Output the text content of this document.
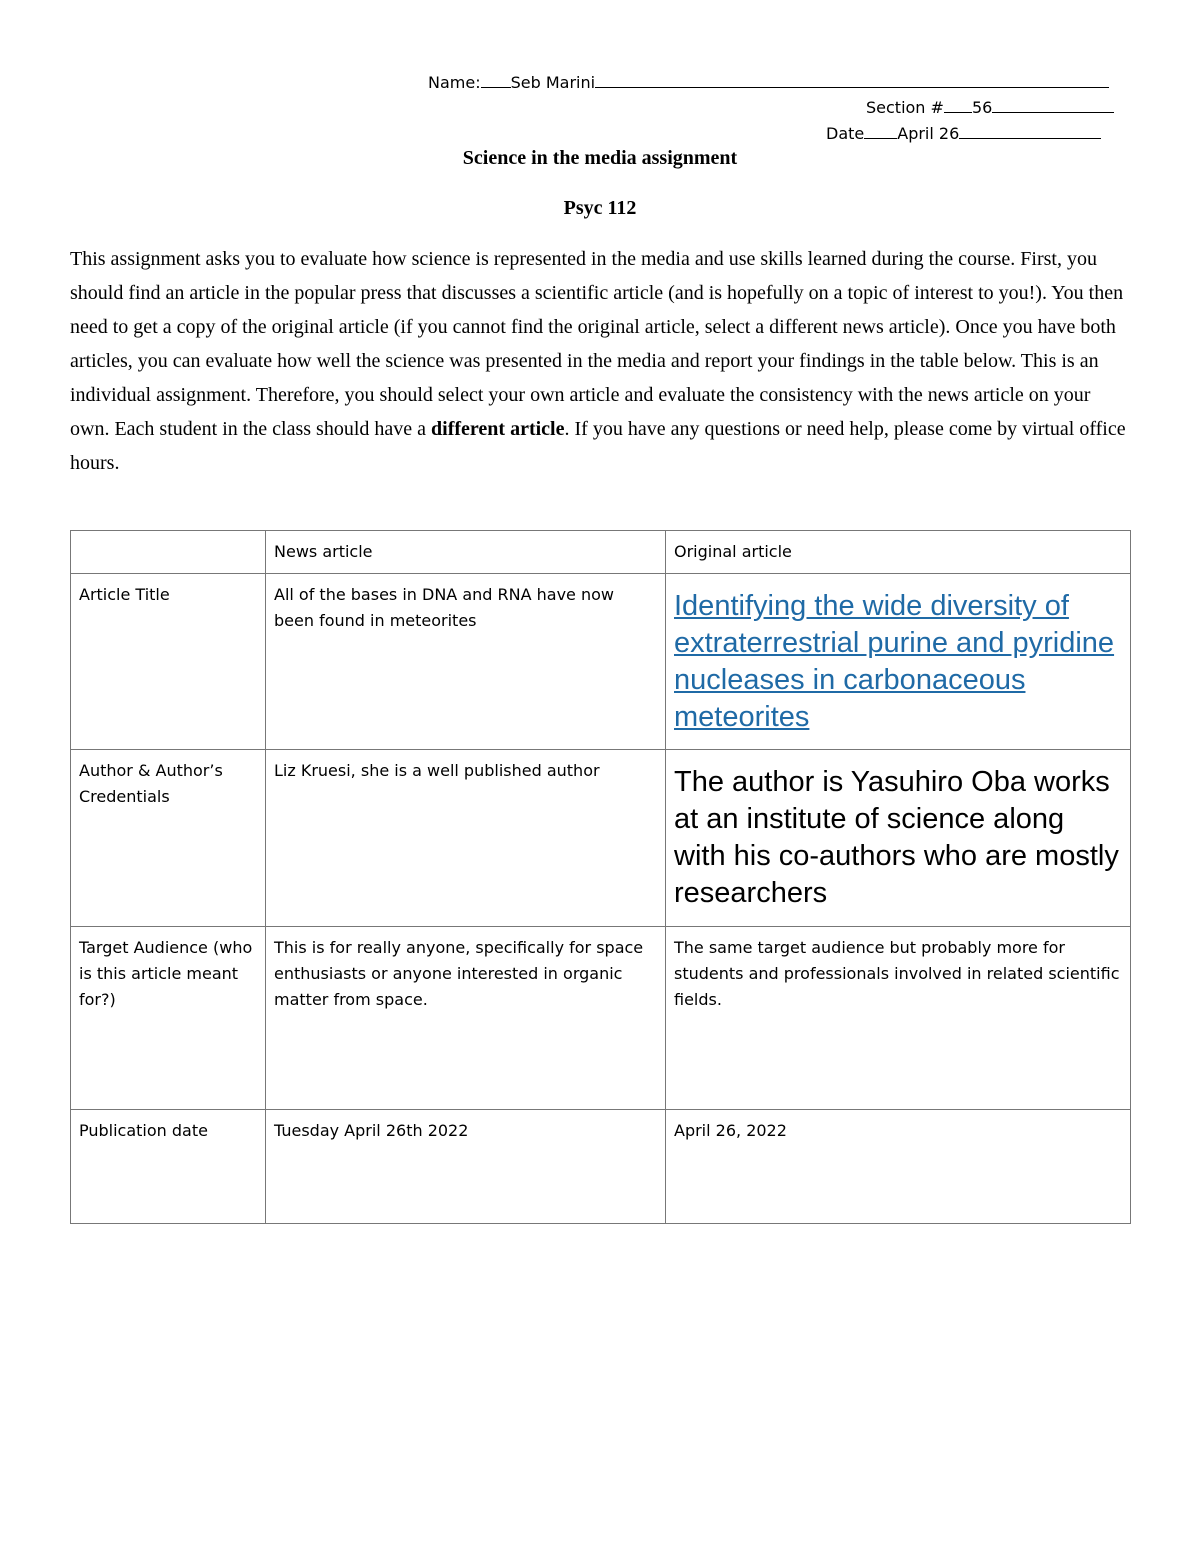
Name: Seb Marini
Section # 56
Date April 26
Science in the media assignment
Psyc 112

This assignment asks you to evaluate how science is represented in the media and use skills learned during the course. First, you should find an article in the popular press that discusses a scientific article (and is hopefully on a topic of interest to you!). You then need to get a copy of the original article (if you cannot find the original article, select a different news article). Once you have both articles, you can evaluate how well the science was presented in the media and report your findings in the table below. This is an individual assignment. Therefore, you should select your own article and evaluate the consistency with the news article on your own. Each student in the class should have a different article. If you have any questions or need help, please come by virtual office hours.

	News article	Original article
Article Title	All of the bases in DNA and RNA have now been found in meteorites	Identifying the wide diversity of extraterrestrial purine and pyridine nucleases in carbonaceous meteorites

Author & Author’s Credentials	Liz Kruesi, she is a well published author	The author is Yasuhiro Oba works at an institute of science along with his co-authors who are mostly researchers

Target Audience (who is this article meant for?)	This is for really anyone, specifically for space enthusiasts or anyone interested in organic matter from space.	The same target audience but probably more for students and professionals involved in related scientific fields.
Publication date	Tuesday April 26th 2022	April 26, 2022
